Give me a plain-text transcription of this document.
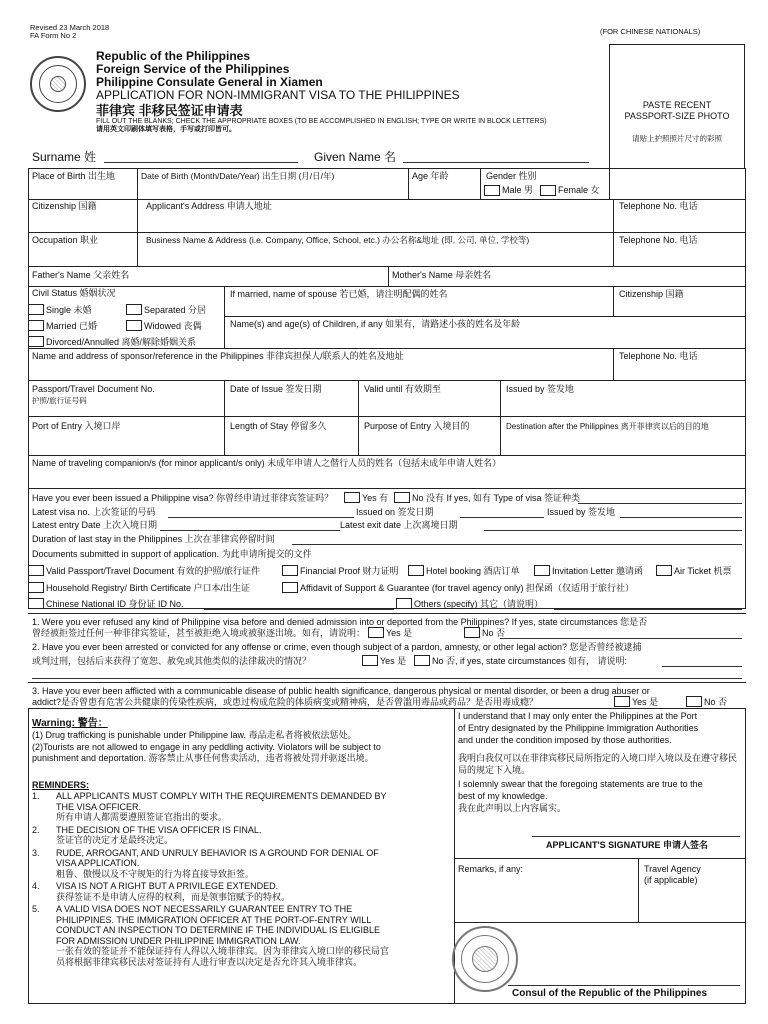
Revised 23 March 2018
FA Form No 2	(FOR CHINESE NATIONALS)
Republic of the Philippines
Foreign Service of the Philippines
Philippine Consulate General in Xiamen
APPLICATION FOR NON-IMMIGRANT VISA TO THE PHILIPPINES
菲律宾 非移民签证申请表
FILL OUT THE BLANKS; CHECK THE APPROPRIATE BOXES (TO BE ACCOMPLISHED IN ENGLISH; TYPE OR WRITE IN BLOCK LETTERS)
请用英文印刷体填写表格，手写或打印皆可。
PASTE RECENT
PASSPORT-SIZE PHOTO
请贴上护照照片尺寸的彩照
Surname 姓	Given Name 名
Place of Birth 出生地	Date of Birth (Month/Date/Year) 出生日期 (月/日/年)	Age 年龄	Gender 性别
Male 男	Female 女
Citizenship 国籍	Applicant's Address 申请人地址	Telephone No. 电话
Occupation 职业	Business Name & Address (i.e. Company, Office, School, etc.) 办公名称&地址 (即, 公司, 单位, 学校等)	Telephone No. 电话
Father's Name 父亲姓名	Mother's Name 母亲姓名
Civil Status 婚姻状况
Single 未婚	Separated 分居
Married 已婚	Widowed 丧偶
Divorced/Annulled 离婚/解除婚姻关系
If married, name of spouse 若已婚，请注明配偶的姓名	Citizenship 国籍
Name(s) and age(s) of Children, if any 如果有，请路述小孩的姓名及年龄
Name and address of sponsor/reference in the Philippines 菲律宾担保人/联系人的姓名及地址	Telephone No. 电话
Passport/Travel Document No.
护照/旅行证号码
Date of Issue 签发日期	Valid until 有效期至	Issued by 签发地
Port of Entry 入境口岸	Length of Stay 停留多久	Purpose of Entry 入境目的	Destination after the Philippines 离开菲律宾以后的目的地
Name of traveling companion/s (for minor applicant/s only) 未成年申请人之偕行人员的姓名（包括未成年申请人姓名）
Have you ever been issued a Philippine visa? 你曾经申请过菲律宾签证吗？	Yes 有	No 没有 If yes, 如有 Type of visa 签证种类
Latest visa no. 上次签证的号码	Issued on 签发日期	Issued by 签发地
Latest entry Date 上次入境日期	Latest exit date 上次离境日期
Duration of last stay in the Philippines 上次在菲律宾停留时间
Documents submitted in support of application. 为此申请所提交的文件
Valid Passport/Travel Document 有效的护照/旅行证件	Financial Proof 财力证明	Hotel booking 酒店订单	Invitation Letter 邀请函	Air Ticket 机票
Household Registry/ Birth Certificate 户口本/出生证	Affidavit of Support & Guarantee (for travel agency only) 担保函（仅适用于旅行社）
Chinese National ID 身份证 ID No.	Others (specify) 其它（请说明）
1. Were you ever refused any kind of Philippine visa before and denied admission into or deported from the Philippines? If yes, state circumstances 您是否
曾经被拒签过任何一种菲律宾签证，甚至被拒绝入境或被驱逐出境。如有，请说明： Yes 是	No 否
2. Have you ever been arrested or convicted for any offense or crime, even though subject of a pardon, amnesty, or other legal action? 您是否曾经被逮捕
或判过刑，包括后来获得了宽恕、赦免或其他类似的法律裁决的情况？	Yes 是	No 否, if yes, state circumstances 如有， 请说明:
3. Have you ever been afflicted with a communicable disease of public health significance, dangerous physical or mental disorder, or been a drug abuser or
addict?是否曾患有危害公共健康的传染性疾病，或患过构成危险的体质病变或精神病，是否曾滥用毒品或药品？是否用毒成瘾？	Yes 是	No 否
Warning: 警告：
(1) Drug trafficking is punishable under Philippine law. 毒品走私者将被依法惩处。
(2)Tourists are not allowed to engage in any peddling activity. Violators will be subject to
punishment and deportation. 游客禁止从事任何售卖活动，违者将被处罚并驱逐出境。
REMINDERS:
1. ALL APPLICANTS MUST COMPLY WITH THE REQUIREMENTS DEMANDED BY
THE VISA OFFICER.
所有申请人都需要遵照签证官指出的要求。
2. THE DECISION OF THE VISA OFFICER IS FINAL.
签证官的决定才是最终决定。
3. RUDE, ARROGANT, AND UNRULY BEHAVIOR IS A GROUND FOR DENIAL OF
VISA APPLICATION.
粗鲁、傲慢以及不守规矩的行为将直接导致拒签。
4. VISA IS NOT A RIGHT BUT A PRIVILEGE EXTENDED.
获得签证不是申请人应得的权利，而是领事馆赋予的特权。
5. A VALID VISA DOES NOT NECESSARILY GUARANTEE ENTRY TO THE
PHILIPPINES. THE IMMIGRATION OFFICER AT THE PORT-OF-ENTRY WILL
CONDUCT AN INSPECTION TO DETERMINE IF THE INDIVIDUAL IS ELIGIBLE
FOR ADMISSION UNDER PHILIPPINE IMMIGRATION LAW.
一张有效的签证并不能保证持有人得以入境菲律宾。因为菲律宾入境口岸的移民局官
员将根据菲律宾移民法对签证持有人进行审查以决定是否允许其入境菲律宾。
I understand that I may only enter the Philippines at the Port
of Entry designated by the Philippine Immigration Authorities
and under the condition imposed by those authorities.
我明白我仅可以在菲律宾移民局所指定的入境口岸入境以及在遵守移民
局的规定下入境。
I solemnly swear that the foregoing statements are true to the
best of my knowledge.
我在此声明以上内容属实。
APPLICANT'S SIGNATURE 申请人签名
Remarks, if any:	Travel Agency
(if applicable)
Consul of the Republic of the Philippines
